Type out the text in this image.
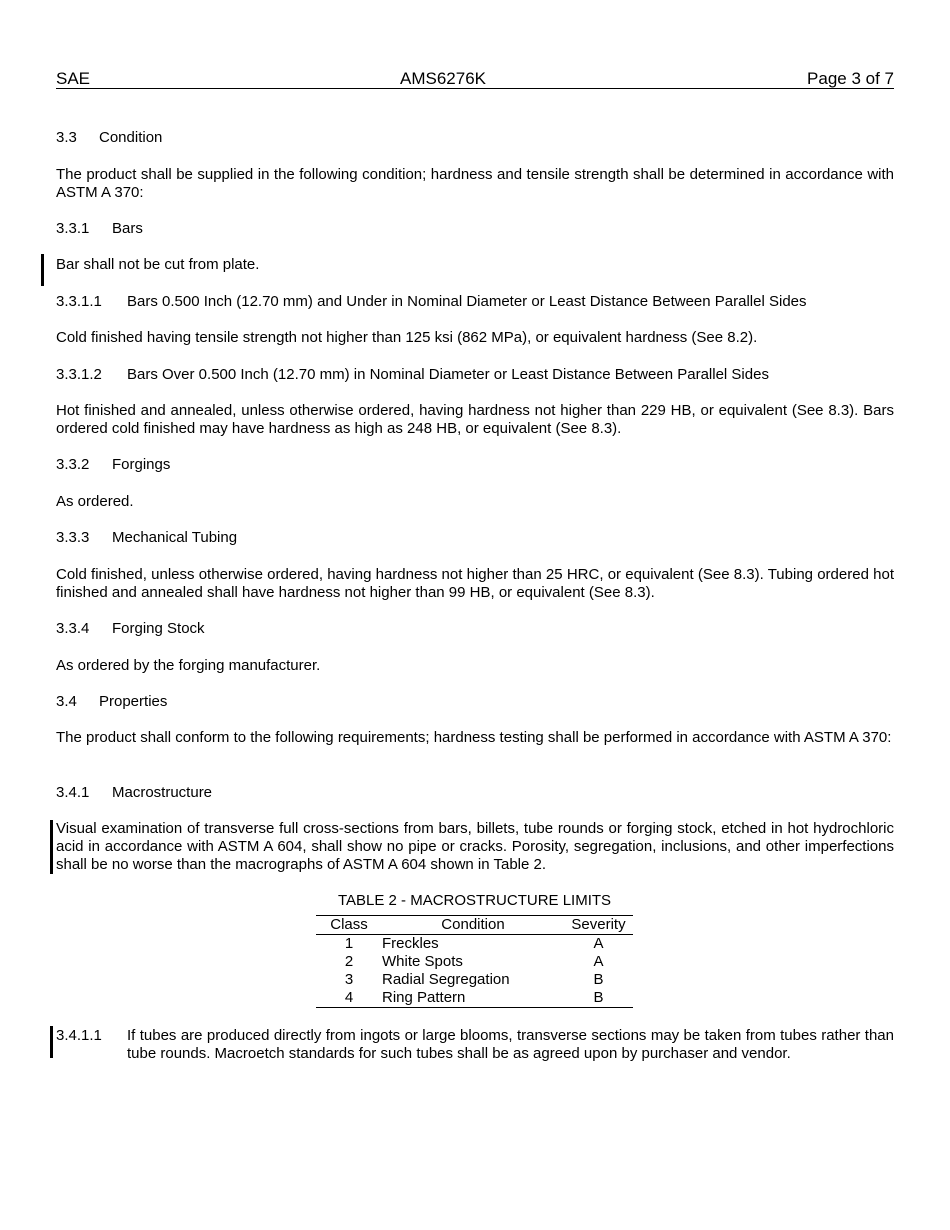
SAE	AMS6276K	Page 3 of 7
3.3 Condition
The product shall be supplied in the following condition; hardness and tensile strength shall be determined in accordance with ASTM A 370:
3.3.1 Bars
Bar shall not be cut from plate.
3.3.1.1 Bars 0.500 Inch (12.70 mm) and Under in Nominal Diameter or Least Distance Between Parallel Sides
Cold finished having tensile strength not higher than 125 ksi (862 MPa), or equivalent hardness (See 8.2).
3.3.1.2 Bars Over 0.500 Inch (12.70 mm) in Nominal Diameter or Least Distance Between Parallel Sides
Hot finished and annealed, unless otherwise ordered, having hardness not higher than 229 HB, or equivalent (See 8.3). Bars ordered cold finished may have hardness as high as 248 HB, or equivalent (See 8.3).
3.3.2 Forgings
As ordered.
3.3.3 Mechanical Tubing
Cold finished, unless otherwise ordered, having hardness not higher than 25 HRC, or equivalent (See 8.3). Tubing ordered hot finished and annealed shall have hardness not higher than 99 HB, or equivalent (See 8.3).
3.3.4 Forging Stock
As ordered by the forging manufacturer.
3.4 Properties
The product shall conform to the following requirements; hardness testing shall be performed in accordance with ASTM A 370:
3.4.1 Macrostructure
Visual examination of transverse full cross-sections from bars, billets, tube rounds or forging stock, etched in hot hydrochloric acid in accordance with ASTM A 604, shall show no pipe or cracks. Porosity, segregation, inclusions, and other imperfections shall be no worse than the macrographs of ASTM A 604 shown in Table 2.
TABLE 2 - MACROSTRUCTURE LIMITS
Class	Condition	Severity
1	Freckles	A
2	White Spots	A
3	Radial Segregation	B
4	Ring Pattern	B
3.4.1.1 If tubes are produced directly from ingots or large blooms, transverse sections may be taken from tubes rather than tube rounds. Macroetch standards for such tubes shall be as agreed upon by purchaser and vendor.
